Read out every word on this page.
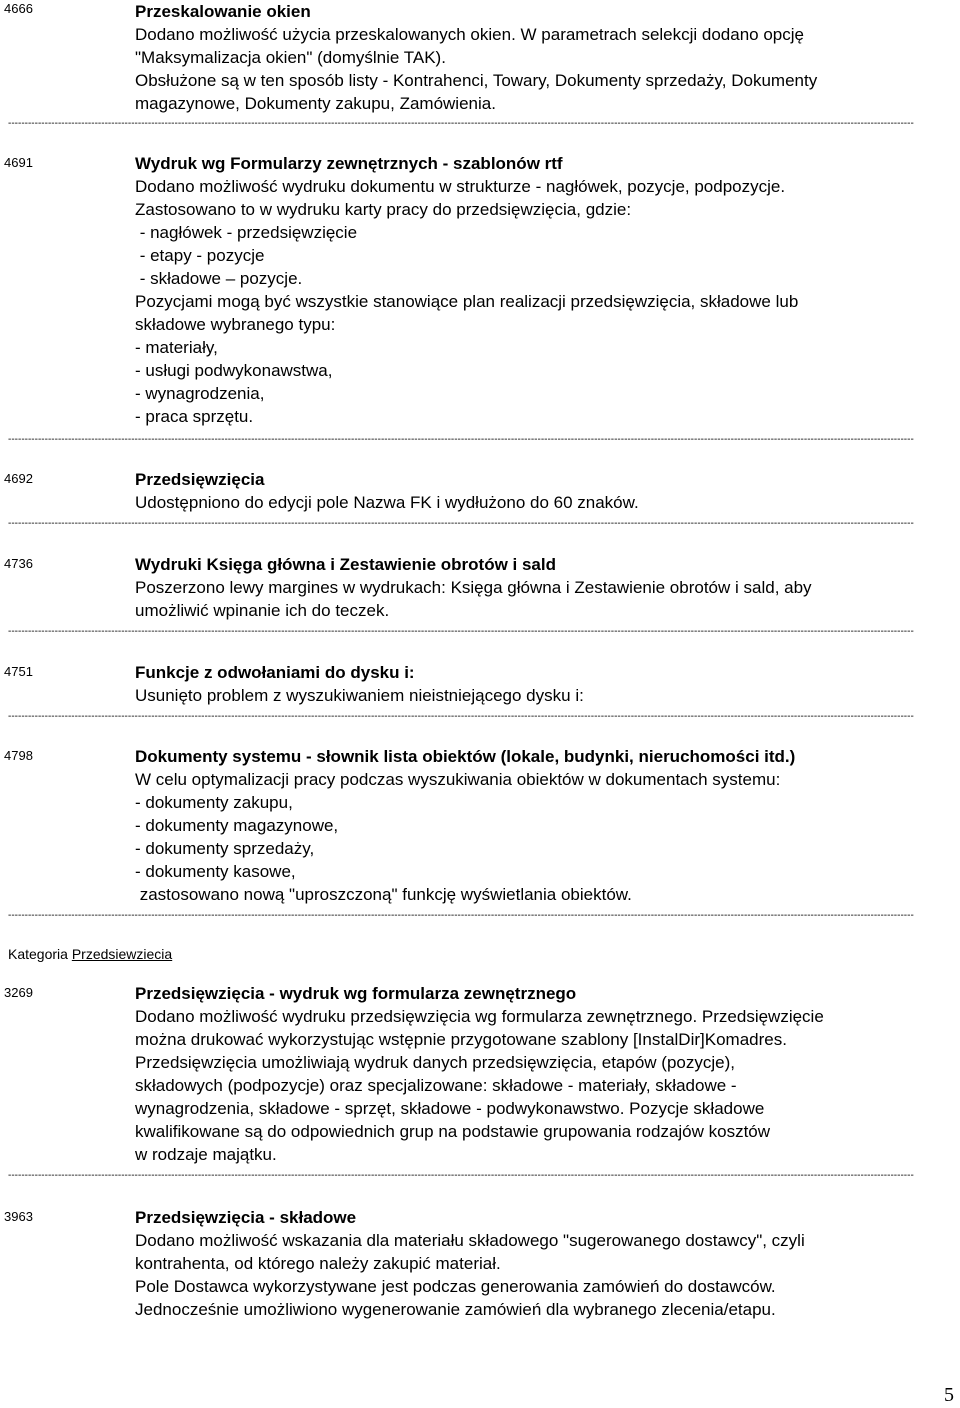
4666	Przeskalowanie okien
Dodano możliwość użycia przeskalowanych okien. W parametrach selekcji dodano opcję
"Maksymalizacja okien" (domyślnie TAK).
Obsłużone są w ten sposób listy - Kontrahenci, Towary, Dokumenty sprzedaży, Dokumenty
magazynowe, Dokumenty zakupu, Zamówienia.
-----
4691	Wydruk wg Formularzy zewnętrznych - szablonów rtf
Dodano możliwość wydruku dokumentu w strukturze - nagłówek, pozycje, podpozycje.
Zastosowano to w wydruku karty pracy do przedsięwzięcia, gdzie:
- nagłówek - przedsięwzięcie
- etapy - pozycje
- składowe – pozycje.
Pozycjami mogą być wszystkie stanowiące plan realizacji przedsięwzięcia, składowe lub
składowe wybranego typu:
- materiały,
- usługi podwykonawstwa,
- wynagrodzenia,
- praca sprzętu.
-----
4692	Przedsięwzięcia
Udostępniono do edycji pole Nazwa FK i wydłużono do 60 znaków.
-----
4736	Wydruki Księga główna i Zestawienie obrotów i sald
Poszerzono lewy margines w wydrukach: Księga główna i Zestawienie obrotów i sald, aby
umożliwić wpinanie ich do teczek.
-----
4751	Funkcje z odwołaniami do dysku i:
Usunięto problem z wyszukiwaniem nieistniejącego dysku i:
-----
4798	Dokumenty systemu - słownik lista obiektów (lokale, budynki, nieruchomości itd.)
W celu optymalizacji pracy podczas wyszukiwania obiektów w dokumentach systemu:
- dokumenty zakupu,
- dokumenty magazynowe,
- dokumenty sprzedaży,
- dokumenty kasowe,
zastosowano nową "uproszczoną" funkcję wyświetlania obiektów.
-----
Kategoria Przedsiewziecia
3269	Przedsięwzięcia - wydruk wg formularza zewnętrznego
Dodano możliwość wydruku przedsięwzięcia wg formularza zewnętrznego. Przedsięwzięcie
można drukować wykorzystując wstępnie przygotowane szablony [InstalDir]Komadres.
Przedsięwzięcia umożliwiają wydruk danych przedsięwzięcia, etapów (pozycje),
składowych (podpozycje) oraz specjalizowane: składowe - materiały, składowe -
wynagrodzenia, składowe - sprzęt, składowe - podwykonawstwo. Pozycje składowe
kwalifikowane są do odpowiednich grup na podstawie grupowania rodzajów kosztów
w rodzaje majątku.
-----
3963	Przedsięwzięcia - składowe
Dodano możliwość wskazania dla materiału składowego "sugerowanego dostawcy", czyli
kontrahenta, od którego należy zakupić materiał.
Pole Dostawca wykorzystywane jest podczas generowania zamówień do dostawców.
Jednocześnie umożliwiono wygenerowanie zamówień dla wybranego zlecenia/etapu.
5
